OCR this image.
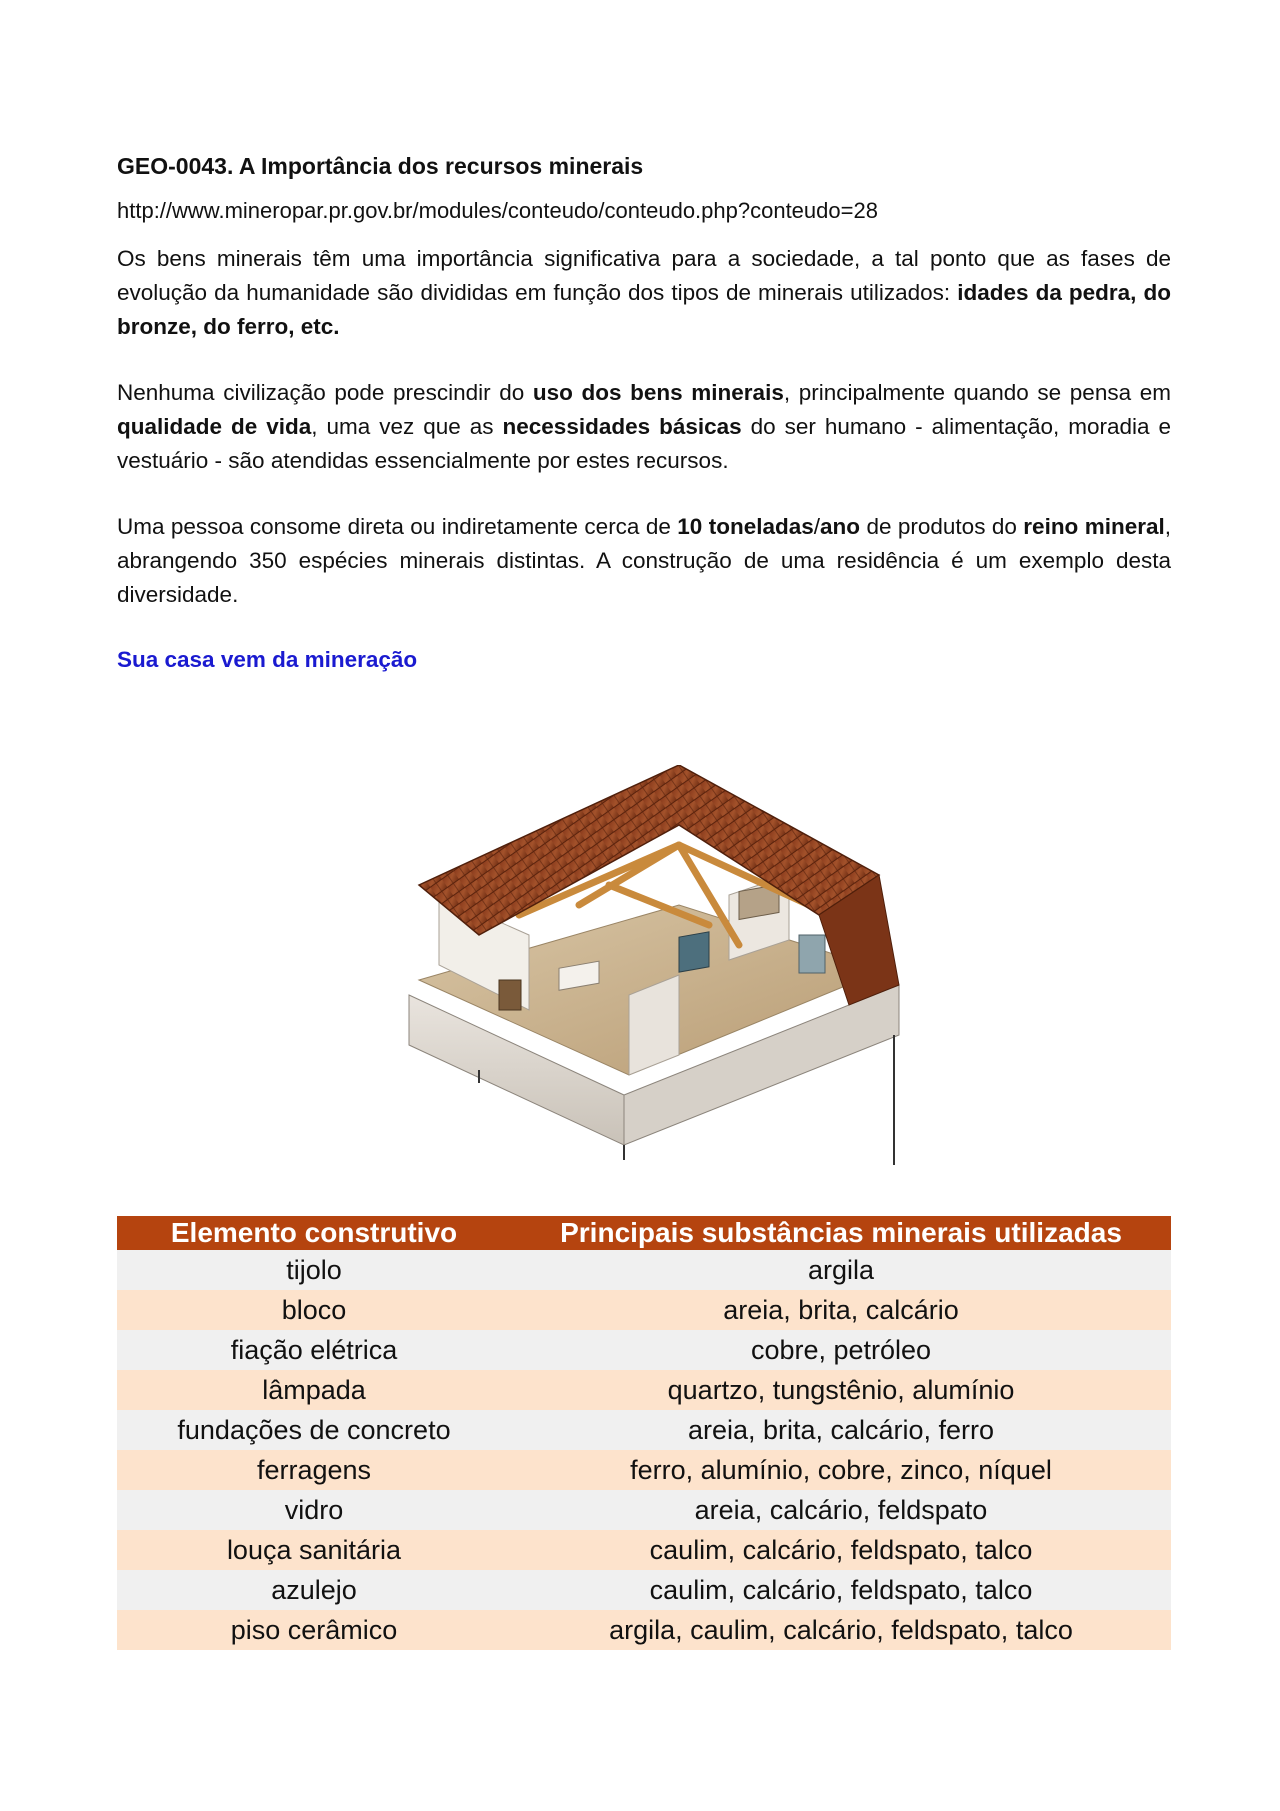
GEO-0043. A Importância dos recursos minerais
http://www.mineropar.pr.gov.br/modules/conteudo/conteudo.php?conteudo=28

Os bens minerais têm uma importância significativa para a sociedade, a tal ponto que as fases de evolução da humanidade são divididas em função dos tipos de minerais utilizados: idades da pedra, do bronze, do ferro, etc.

Nenhuma civilização pode prescindir do uso dos bens minerais, principalmente quando se pensa em qualidade de vida, uma vez que as necessidades básicas do ser humano - alimentação, moradia e vestuário - são atendidas essencialmente por estes recursos.

Uma pessoa consome direta ou indiretamente cerca de 10 toneladas/ano de produtos do reino mineral, abrangendo 350 espécies minerais distintas. A construção de uma residência é um exemplo desta diversidade.

Sua casa vem da mineração
Elemento construtivo	Principais substâncias minerais utilizadas
tijolo	argila
bloco	areia, brita, calcário
fiação elétrica	cobre, petróleo
lâmpada	quartzo, tungstênio, alumínio
fundações de concreto	areia, brita, calcário, ferro
ferragens	ferro, alumínio, cobre, zinco, níquel
vidro	areia, calcário, feldspato
louça sanitária	caulim, calcário, feldspato, talco
azulejo	caulim, calcário, feldspato, talco
piso cerâmico	argila, caulim, calcário, feldspato, talco
